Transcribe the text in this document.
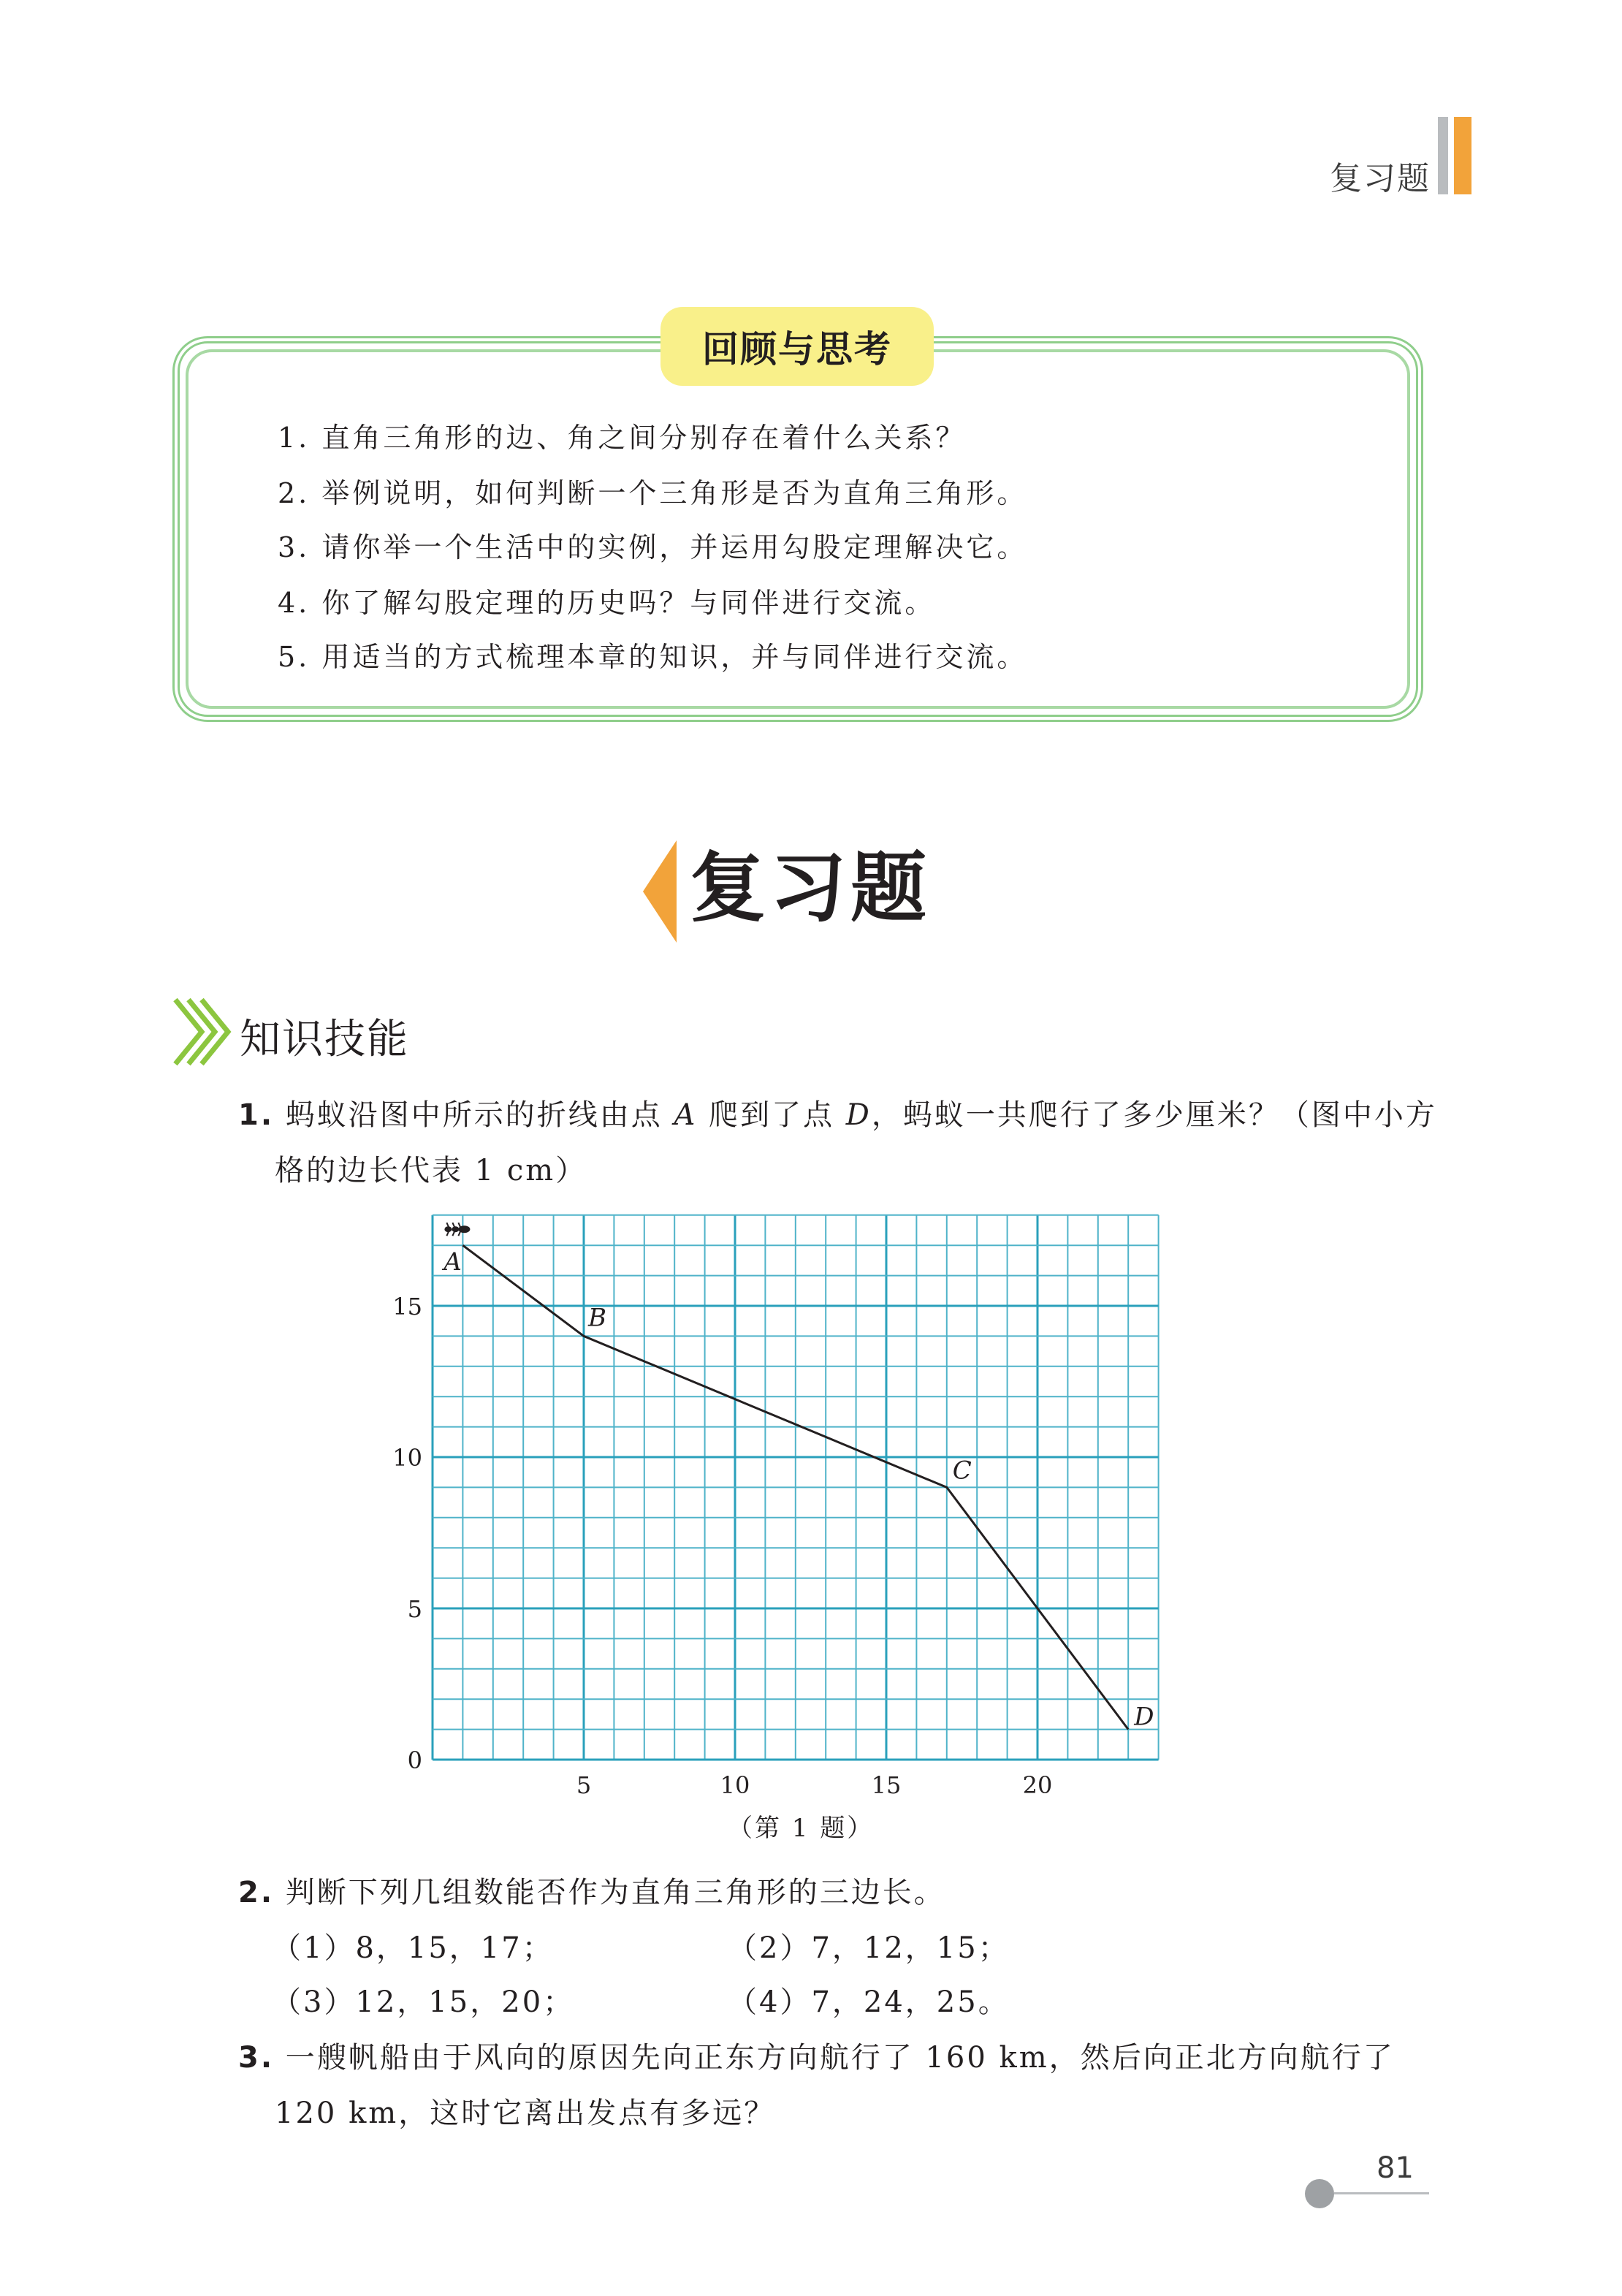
复习题
回顾与思考
1. 直角三角形的边、角之间分别存在着什么关系？
2. 举例说明，如何判断一个三角形是否为直角三角形。
3. 请你举一个生活中的实例，并运用勾股定理解决它。
4. 你了解勾股定理的历史吗？与同伴进行交流。
5. 用适当的方式梳理本章的知识，并与同伴进行交流。
复习题
知识技能
1. 蚂蚁沿图中所示的折线由点 A 爬到了点 D，蚂蚁一共爬行了多少厘米？（图中小方
格的边长代表 1 cm）
5	10	15	20
0
5
10
15
A
B
C
D
（第 1 题）
2. 判断下列几组数能否作为直角三角形的三边长。
（1）8，15，17；	（2）7，12，15；
（3）12，15，20；	（4）7，24，25。
3. 一艘帆船由于风向的原因先向正东方向航行了 160 km，然后向正北方向航行了
120 km，这时它离出发点有多远？
81
